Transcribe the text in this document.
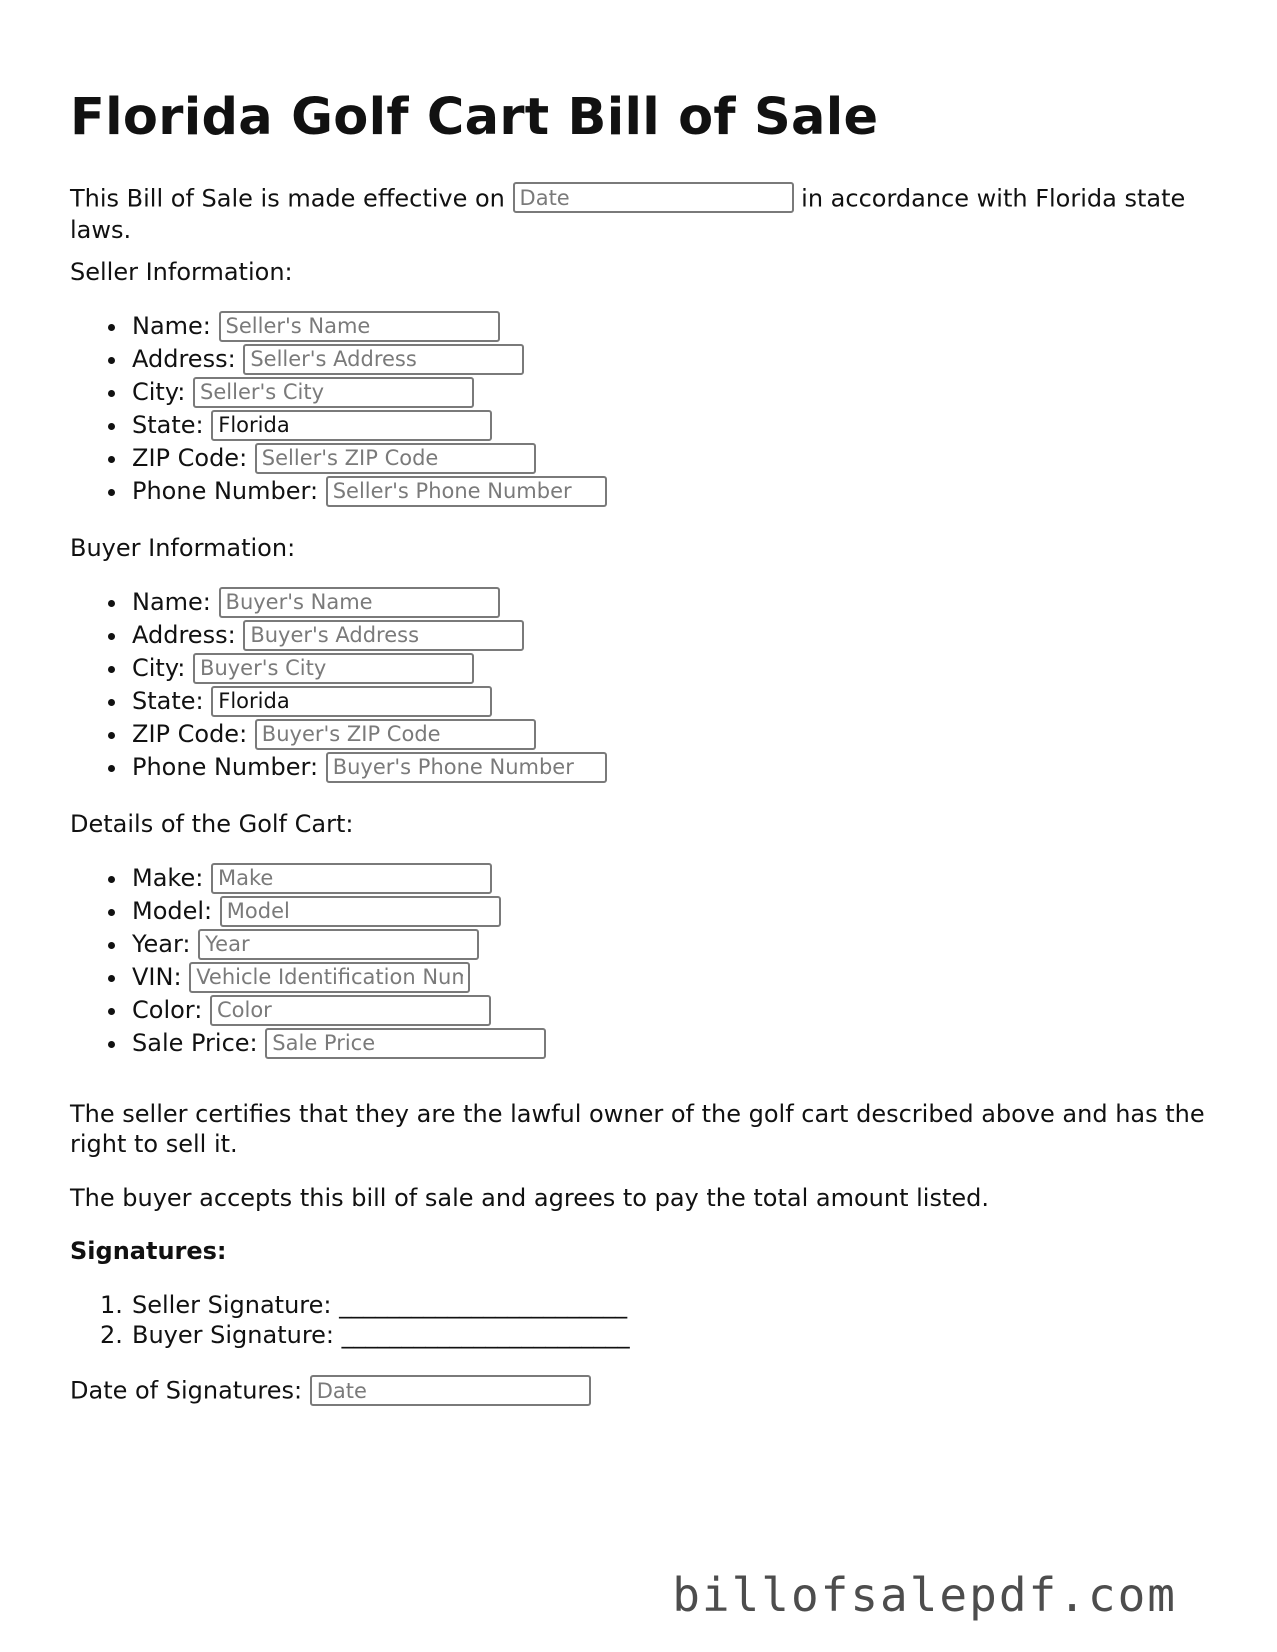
Florida Golf Cart Bill of Sale

This Bill of Sale is made effective on Date	in accordance with Florida state laws.

Seller Information:

Name: Seller's Name
Address: Seller's Address
City: Seller's City
State: Florida
ZIP Code: Seller's ZIP Code
Phone Number: Seller's Phone Number

Buyer Information:

Name: Buyer's Name
Address: Buyer's Address
City: Buyer's City
State: Florida
ZIP Code: Buyer's ZIP Code
Phone Number: Buyer's Phone Number

Details of the Golf Cart:

Make: Make
Model: Model
Year: Year
VIN: Vehicle Identification Num
Color: Color
Sale Price: Sale Price

The seller certifies that they are the lawful owner of the golf cart described above and has the right to sell it.

The buyer accepts this bill of sale and agrees to pay the total amount listed.

Signatures:

1. Seller Signature: ________________________
2. Buyer Signature: ________________________

Date of Signatures: Date

billofsalepdf.com
